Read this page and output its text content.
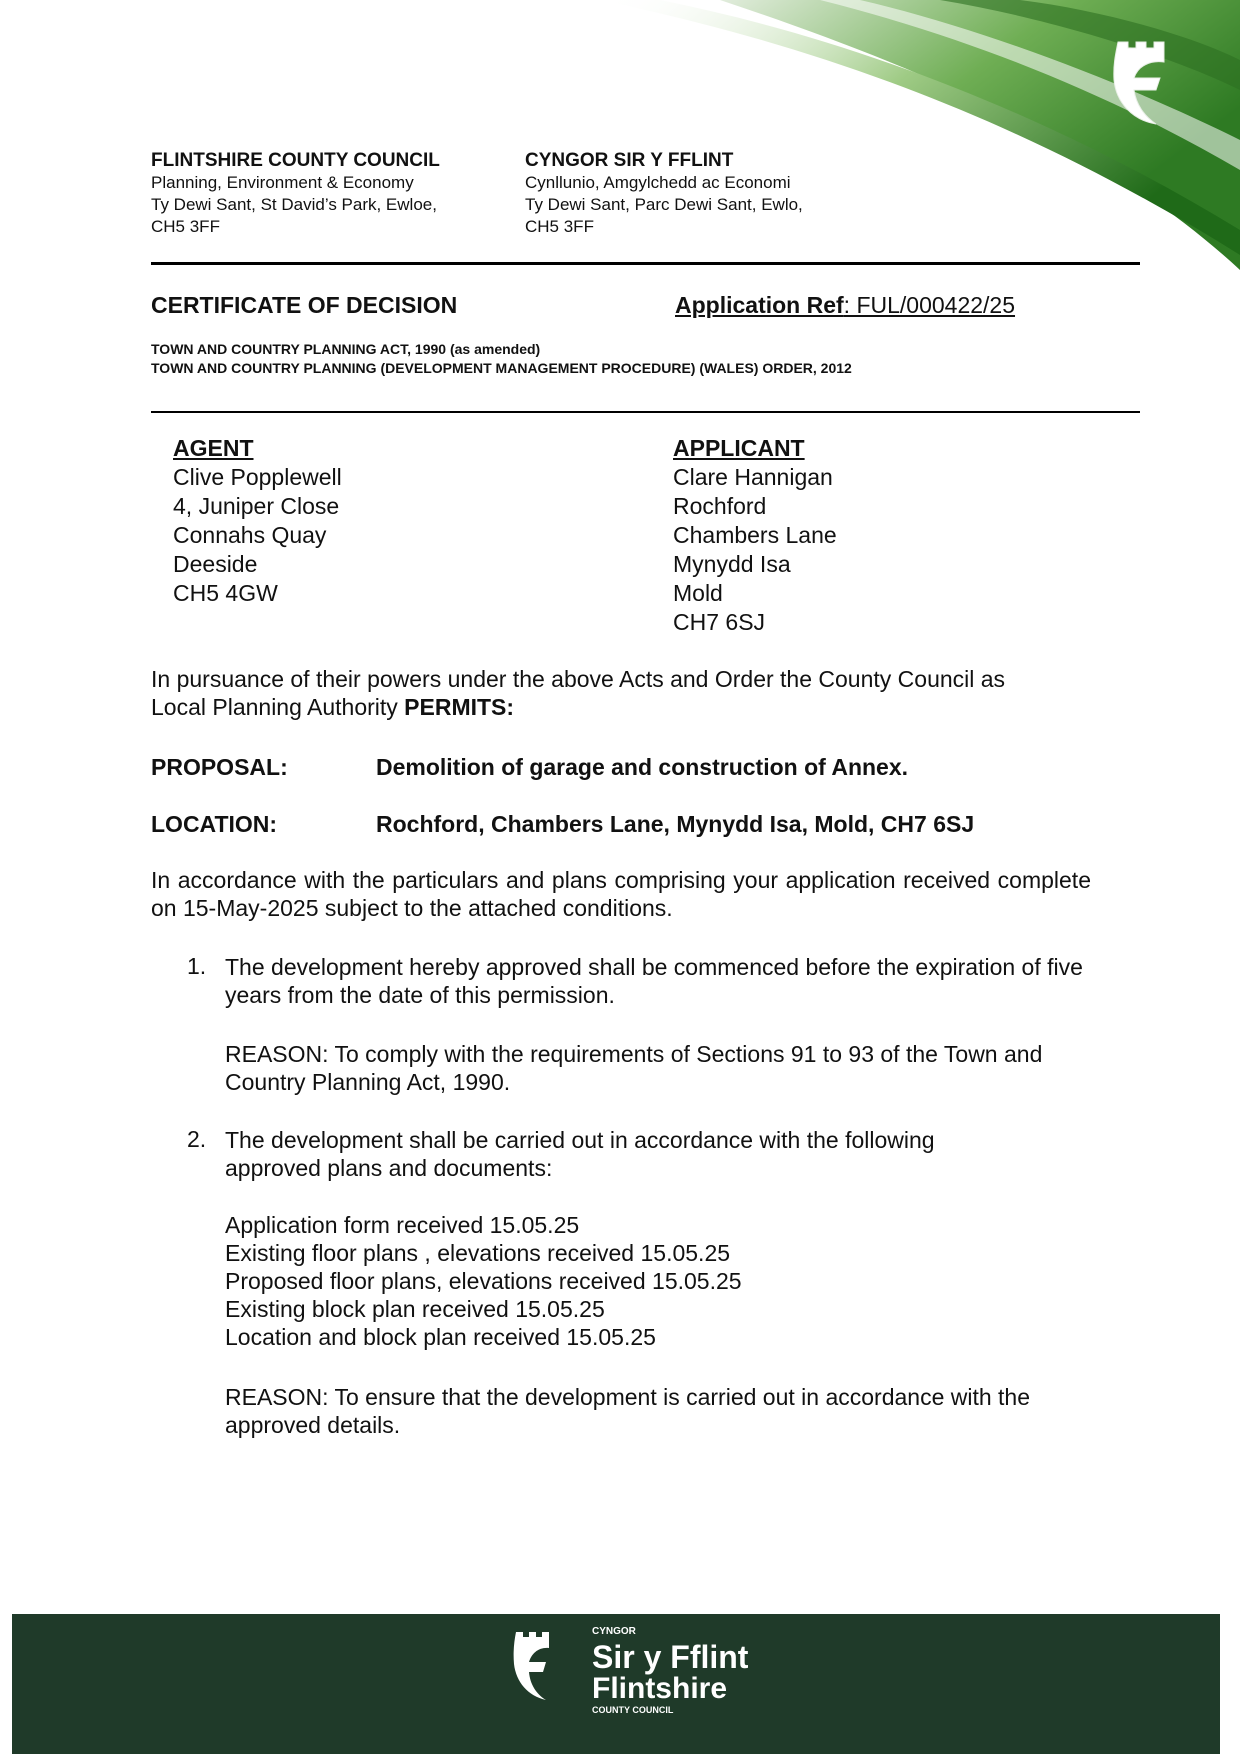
FLINTSHIRE COUNTY COUNCIL
Planning, Environment & Economy
Ty Dewi Sant, St David’s Park, Ewloe,
CH5 3FF
CYNGOR SIR Y FFLINT
Cynllunio, Amgylchedd ac Economi
Ty Dewi Sant, Parc Dewi Sant, Ewlo,
CH5 3FF
CERTIFICATE OF DECISION	Application Ref: FUL/000422/25
TOWN AND COUNTRY PLANNING ACT, 1990 (as amended)
TOWN AND COUNTRY PLANNING (DEVELOPMENT MANAGEMENT PROCEDURE) (WALES) ORDER, 2012
AGENT
Clive Popplewell
4, Juniper Close
Connahs Quay
Deeside
CH5 4GW
APPLICANT
Clare Hannigan
Rochford
Chambers Lane
Mynydd Isa
Mold
CH7 6SJ
In pursuance of their powers under the above Acts and Order the County Council as
Local Planning Authority PERMITS:
PROPOSAL:	Demolition of garage and construction of Annex.
LOCATION:	Rochford, Chambers Lane, Mynydd Isa, Mold, CH7 6SJ
In accordance with the particulars and plans comprising your application received complete on 15-May-2025 subject to the attached conditions.
1. The development hereby approved shall be commenced before the expiration of five years from the date of this permission.
REASON: To comply with the requirements of Sections 91 to 93 of the Town and Country Planning Act, 1990.
2. The development shall be carried out in accordance with the following approved plans and documents:
Application form received 15.05.25
Existing floor plans , elevations received 15.05.25
Proposed floor plans, elevations received 15.05.25
Existing block plan received 15.05.25
Location and block plan received 15.05.25
REASON: To ensure that the development is carried out in accordance with the approved details.
CYNGOR
Sir y Fflint
Flintshire
COUNTY COUNCIL
